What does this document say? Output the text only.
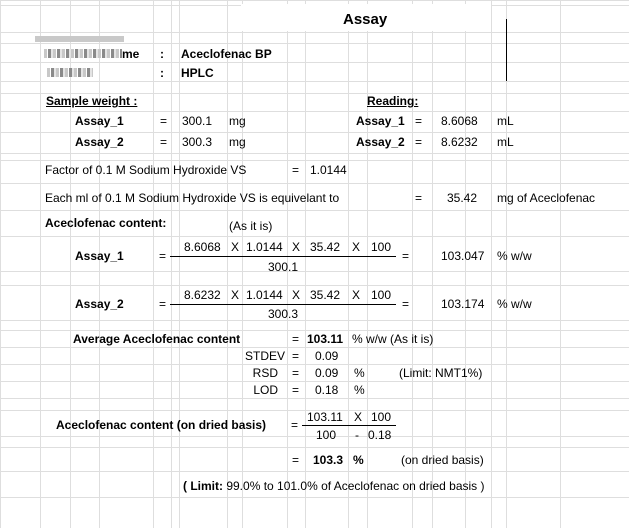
Assay
me : Aceclofenac BP
: HPLC
Sample weight :	Reading:
Assay_1	= 300.1 mg	Assay_1 = 8.6068 mL
Assay_2	= 300.3 mg	Assay_2 = 8.6232 mL
Factor of 0.1 M Sodium Hydroxide VS	= 1.0144
Each ml of 0.1 M Sodium Hydroxide VS is equivelant to	= 35.42 mg of Aceclofenac
Aceclofenac content:	(As it is)
Assay_1	=
8.6068 X 1.0144 X 35.42 X 100
300.1
=	103.047 % w/w
Assay_2	=
8.6232 X 1.0144 X 35.42 X 100
300.3
=	103.174 % w/w
Average Aceclofenac content	= 103.11 % w/w (As it is)
STDEV = 0.09
RSD = 0.09 %	(Limit: NMT1%)
LOD = 0.18 %
Aceclofenac content (on dried basis) =
103.11 X 100
100 - 0.18
= 103.3 %	(on dried basis)
( Limit: 99.0% to 101.0% of Aceclofenac on dried basis )
